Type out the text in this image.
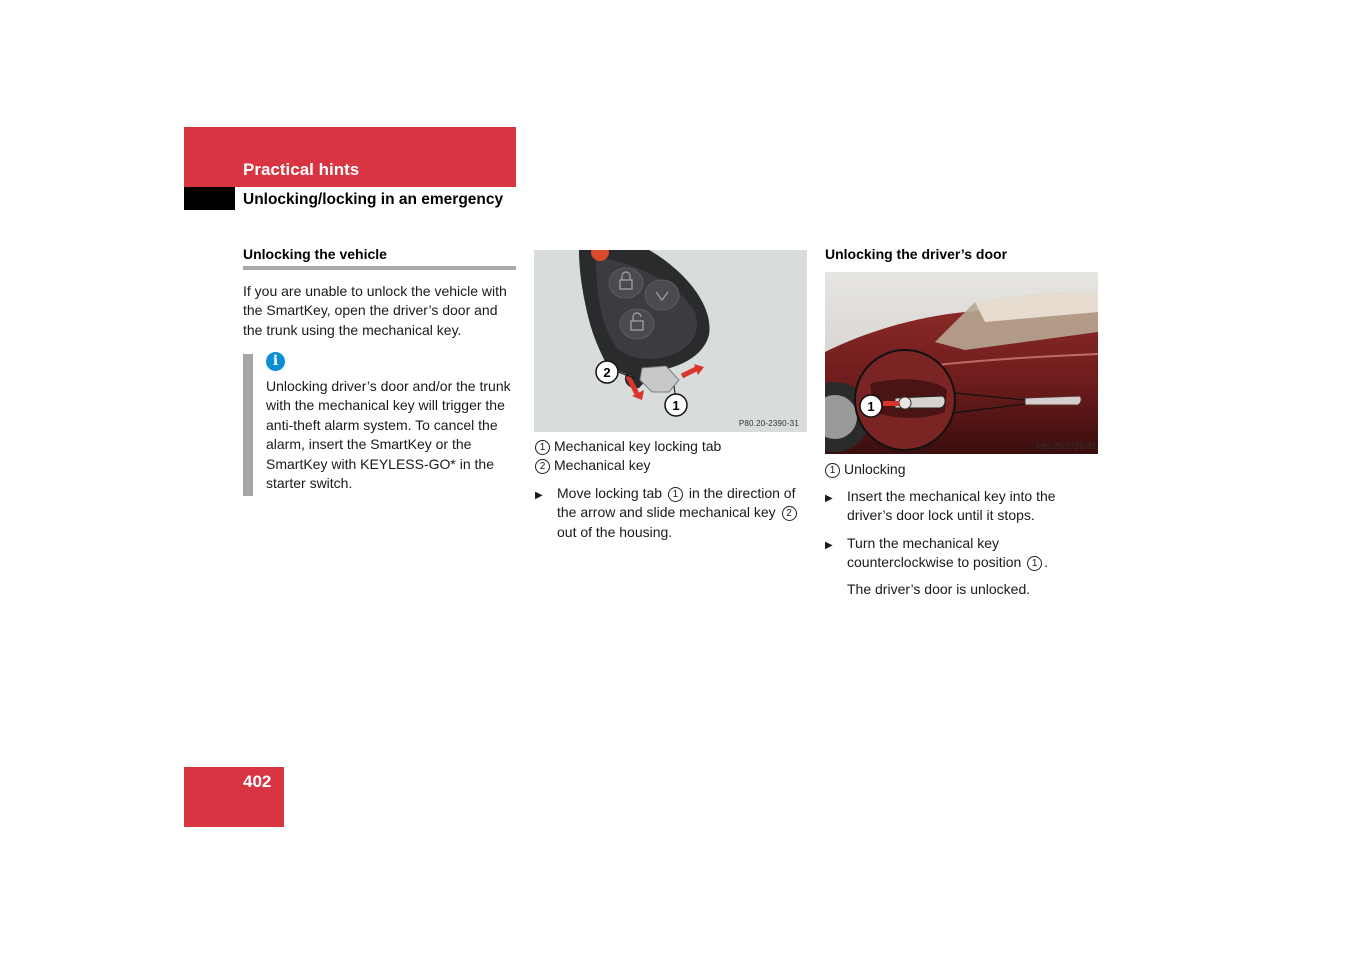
Practical hints
Unlocking/locking in an emergency
Unlocking the vehicle
If you are unable to unlock the vehicle with the SmartKey, open the driver’s door and the trunk using the mechanical key.
i
Unlocking driver’s door and/or the trunk with the mechanical key will trigger the anti-theft alarm system. To cancel the alarm, insert the SmartKey or the SmartKey with KEYLESS-GO* in the starter switch.
2
1
P80.20-2390-31
1 Mechanical key locking tab
2 Mechanical key
▶	Move locking tab 1 in the direction of the arrow and slide mechanical key 2 out of the housing.
Unlocking the driver’s door
1
P80.20-2729-31
1 Unlocking
▶	Insert the mechanical key into the driver’s door lock until it stops.
▶	Turn the mechanical key counterclockwise to position 1 .
The driver’s door is unlocked.
402
